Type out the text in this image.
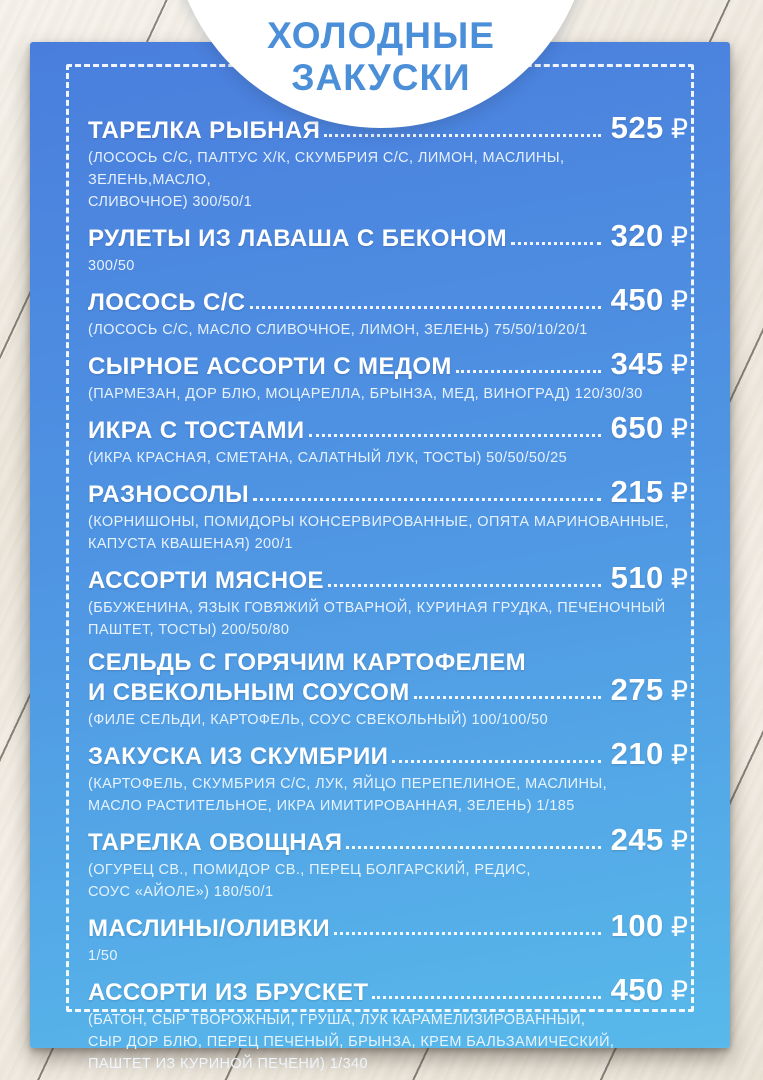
ХОЛОДНЫЕ
ЗАКУСКИ
ТАРЕЛКА РЫБНАЯ	525 ₽
(ЛОСОСЬ С/С, ПАЛТУС Х/К, СКУМБРИЯ С/С, ЛИМОН, МАСЛИНЫ, ЗЕЛЕНЬ,МАСЛО,
СЛИВОЧНОЕ) 300/50/1
РУЛЕТЫ ИЗ ЛАВАША С БЕКОНОМ	320 ₽
300/50
ЛОСОСЬ С/С	450 ₽
(ЛОСОСЬ С/С, МАСЛО СЛИВОЧНОЕ, ЛИМОН, ЗЕЛЕНЬ) 75/50/10/20/1
СЫРНОЕ АССОРТИ С МЕДОМ	345 ₽
(ПАРМЕЗАН, ДОР БЛЮ, МОЦАРЕЛЛА, БРЫНЗА, МЕД, ВИНОГРАД) 120/30/30
ИКРА С ТОСТАМИ	650 ₽
(ИКРА КРАСНАЯ, СМЕТАНА, САЛАТНЫЙ ЛУК, ТОСТЫ) 50/50/50/25
РАЗНОСОЛЫ	215 ₽
(КОРНИШОНЫ, ПОМИДОРЫ КОНСЕРВИРОВАННЫЕ, ОПЯТА МАРИНОВАННЫЕ,
КАПУСТА КВАШЕНАЯ) 200/1
АССОРТИ МЯСНОЕ	510 ₽
(ББУЖЕНИНА, ЯЗЫК ГОВЯЖИЙ ОТВАРНОЙ, КУРИНАЯ ГРУДКА, ПЕЧЕНОЧНЫЙ
ПАШТЕТ, ТОСТЫ) 200/50/80
СЕЛЬДЬ С ГОРЯЧИМ КАРТОФЕЛЕМ
И СВЕКОЛЬНЫМ СОУСОМ	275 ₽
(ФИЛЕ СЕЛЬДИ, КАРТОФЕЛЬ, СОУС СВЕКОЛЬНЫЙ) 100/100/50
ЗАКУСКА ИЗ СКУМБРИИ	210 ₽
(КАРТОФЕЛЬ, СКУМБРИЯ С/С, ЛУК, ЯЙЦО ПЕРЕПЕЛИНОЕ, МАСЛИНЫ,
МАСЛО РАСТИТЕЛЬНОЕ, ИКРА ИМИТИРОВАННАЯ, ЗЕЛЕНЬ) 1/185
ТАРЕЛКА ОВОЩНАЯ	245 ₽
(ОГУРЕЦ СВ., ПОМИДОР СВ., ПЕРЕЦ БОЛГАРСКИЙ, РЕДИС,
СОУС «АЙОЛЕ») 180/50/1
МАСЛИНЫ/ОЛИВКИ	100 ₽
1/50
АССОРТИ ИЗ БРУСКЕТ	450 ₽
(БАТОН, СЫР ТВОРОЖНЫЙ, ГРУША, ЛУК КАРАМЕЛИЗИРОВАННЫЙ,
СЫР ДОР БЛЮ, ПЕРЕЦ ПЕЧЕНЫЙ, БРЫНЗА, КРЕМ БАЛЬЗАМИЧЕСКИЙ,
ПАШТЕТ ИЗ КУРИНОЙ ПЕЧЕНИ) 1/340
